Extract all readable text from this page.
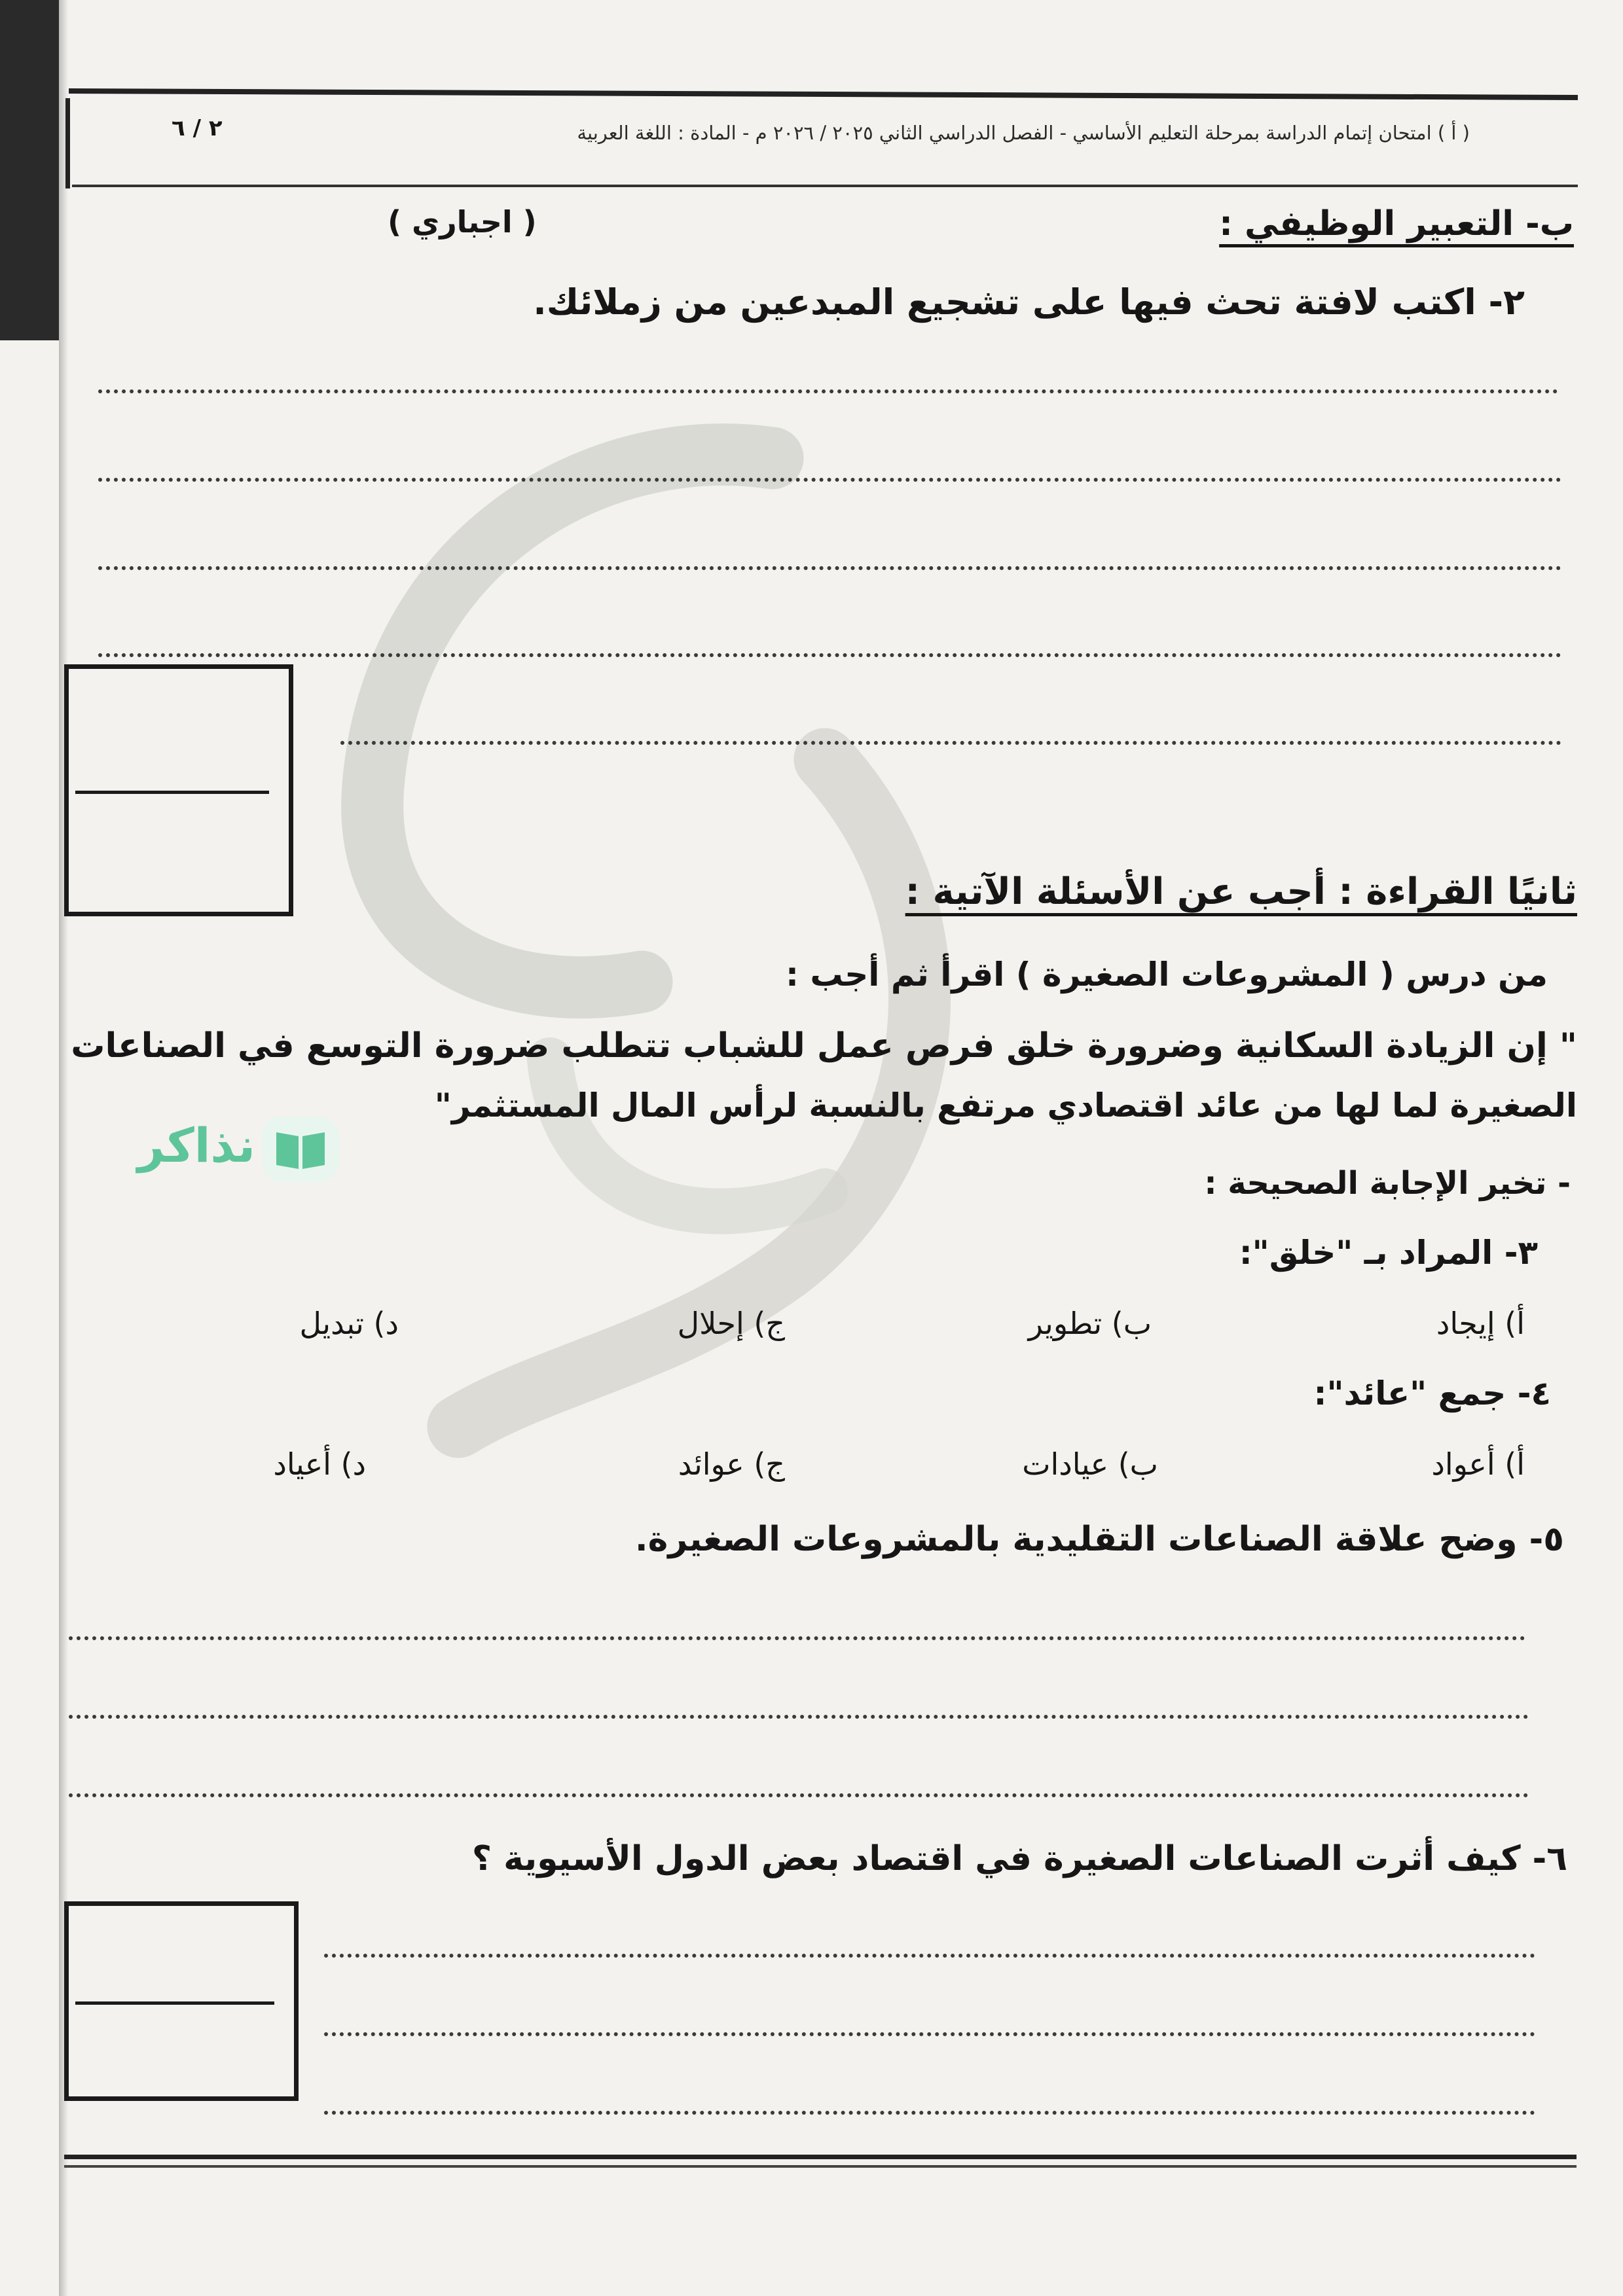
٢ / ٦	( أ ) امتحان إتمام الدراسة بمرحلة التعليم الأساسي - الفصل الدراسي الثاني ٢٠٢٥ / ٢٠٢٦ م - المادة : اللغة العربية
ب- التعبير الوظيفي :
( اجباري )
٢- اكتب لافتة تحث فيها على تشجيع المبدعين من زملائك.
ثانيًا القراءة : أجب عن الأسئلة الآتية :
من درس ( المشروعات الصغيرة ) اقرأ ثم أجب :
" إن الزيادة السكانية وضرورة خلق فرص عمل للشباب تتطلب ضرورة التوسع في الصناعات
الصغيرة لما لها من عائد اقتصادي مرتفع بالنسبة لرأس المال المستثمر"
نذاكر
- تخير الإجابة الصحيحة :
٣- المراد بـ "خلق":
أ) إيجاد
ب) تطوير
ج) إحلال
د) تبديل
٤- جمع "عائد":
أ) أعواد
ب) عيادات
ج) عوائد
د) أعياد
٥- وضح علاقة الصناعات التقليدية بالمشروعات الصغيرة.
٦- كيف أثرت الصناعات الصغيرة في اقتصاد بعض الدول الأسيوية ؟
